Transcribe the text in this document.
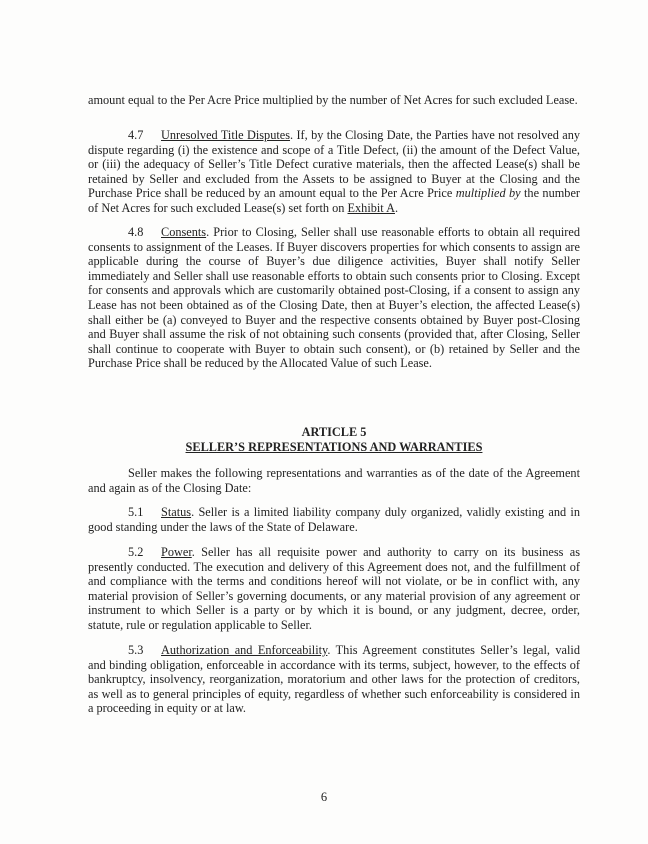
amount equal to the Per Acre Price multiplied by the number of Net Acres for such excluded Lease.

4.7 Unresolved Title Disputes. If, by the Closing Date, the Parties have not resolved any dispute regarding (i) the existence and scope of a Title Defect, (ii) the amount of the Defect Value, or (iii) the adequacy of Seller’s Title Defect curative materials, then the affected Lease(s) shall be retained by Seller and excluded from the Assets to be assigned to Buyer at the Closing and the Purchase Price shall be reduced by an amount equal to the Per Acre Price multiplied by the number of Net Acres for such excluded Lease(s) set forth on Exhibit A.

4.8 Consents. Prior to Closing, Seller shall use reasonable efforts to obtain all required consents to assignment of the Leases. If Buyer discovers properties for which consents to assign are applicable during the course of Buyer’s due diligence activities, Buyer shall notify Seller immediately and Seller shall use reasonable efforts to obtain such consents prior to Closing. Except for consents and approvals which are customarily obtained post-Closing, if a consent to assign any Lease has not been obtained as of the Closing Date, then at Buyer’s election, the affected Lease(s) shall either be (a) conveyed to Buyer and the respective consents obtained by Buyer post-Closing and Buyer shall assume the risk of not obtaining such consents (provided that, after Closing, Seller shall continue to cooperate with Buyer to obtain such consent), or (b) retained by Seller and the Purchase Price shall be reduced by the Allocated Value of such Lease.

ARTICLE 5
SELLER’S REPRESENTATIONS AND WARRANTIES

Seller makes the following representations and warranties as of the date of the Agreement and again as of the Closing Date:

5.1 Status. Seller is a limited liability company duly organized, validly existing and in good standing under the laws of the State of Delaware.

5.2 Power. Seller has all requisite power and authority to carry on its business as presently conducted. The execution and delivery of this Agreement does not, and the fulfillment of and compliance with the terms and conditions hereof will not violate, or be in conflict with, any material provision of Seller’s governing documents, or any material provision of any agreement or instrument to which Seller is a party or by which it is bound, or any judgment, decree, order, statute, rule or regulation applicable to Seller.

5.3 Authorization and Enforceability. This Agreement constitutes Seller’s legal, valid and binding obligation, enforceable in accordance with its terms, subject, however, to the effects of bankruptcy, insolvency, reorganization, moratorium and other laws for the protection of creditors, as well as to general principles of equity, regardless of whether such enforceability is considered in a proceeding in equity or at law.

6
